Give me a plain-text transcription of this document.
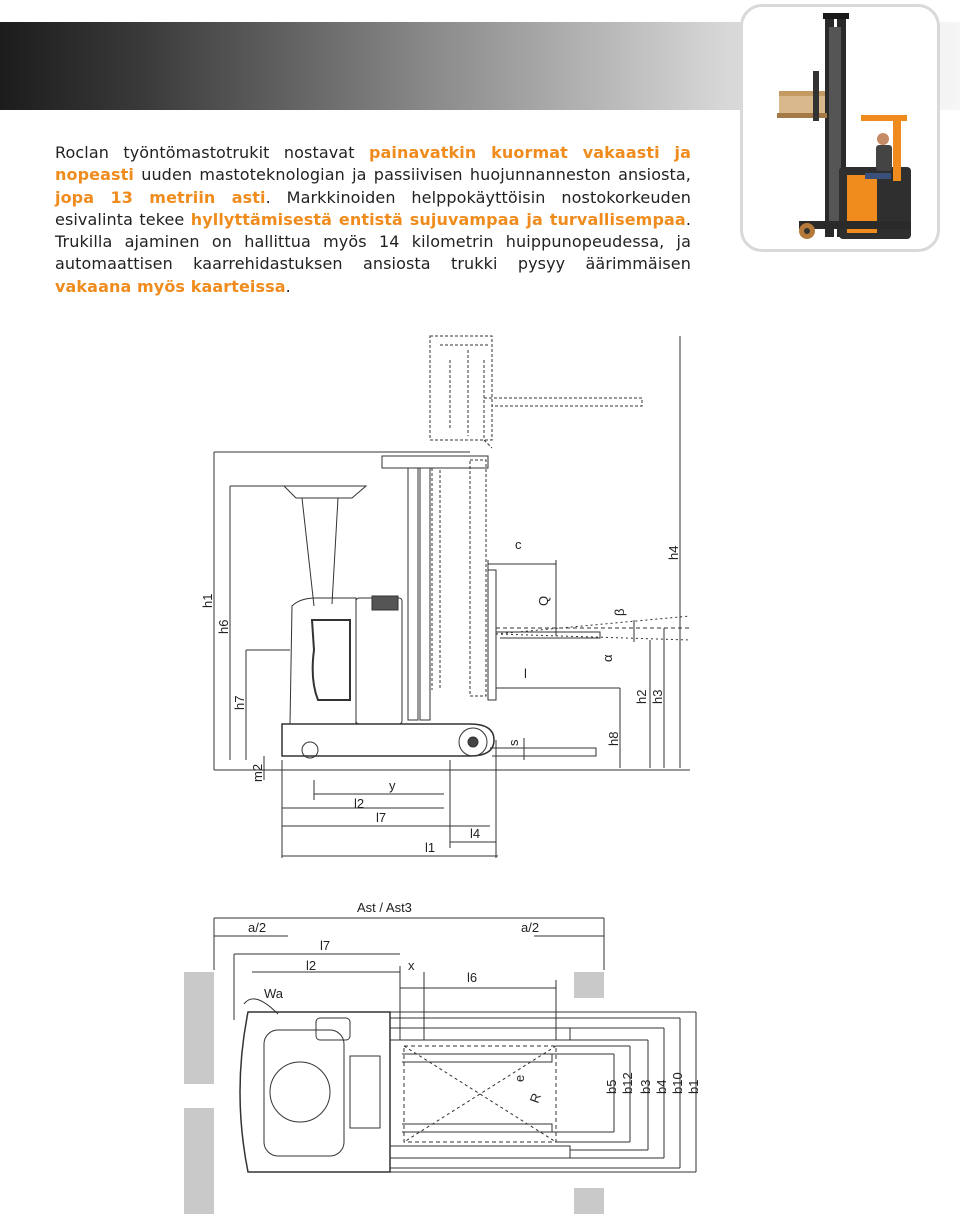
Roclan työntömastotrukit nostavat painavatkin kuormat vakaasti ja nopeasti uuden mastoteknologian ja passiivisen huojunnanneston ansiosta, jopa 13 metriin asti. Markkinoiden helppokäyttöisin nostokorkeuden esivalinta tekee hyllyttämisestä entistä sujuvampaa ja turvallisempaa. Trukilla ajaminen on hallittua myös 14 kilometrin huippunopeudessa, ja automaattisen kaarrehidastuksen ansiosta trukki pysyy äärimmäisen vakaana myös kaarteissa.

h1
h6
h7
m2
c
h4
Q
β
α
l
h2 h3
h8
s
y
l2
l7
l4
l1
Ast / Ast3
a/2	a/2
l7
l2	x
l6
Wa
e
R
b5 b12 b3 b4 b10 b1
